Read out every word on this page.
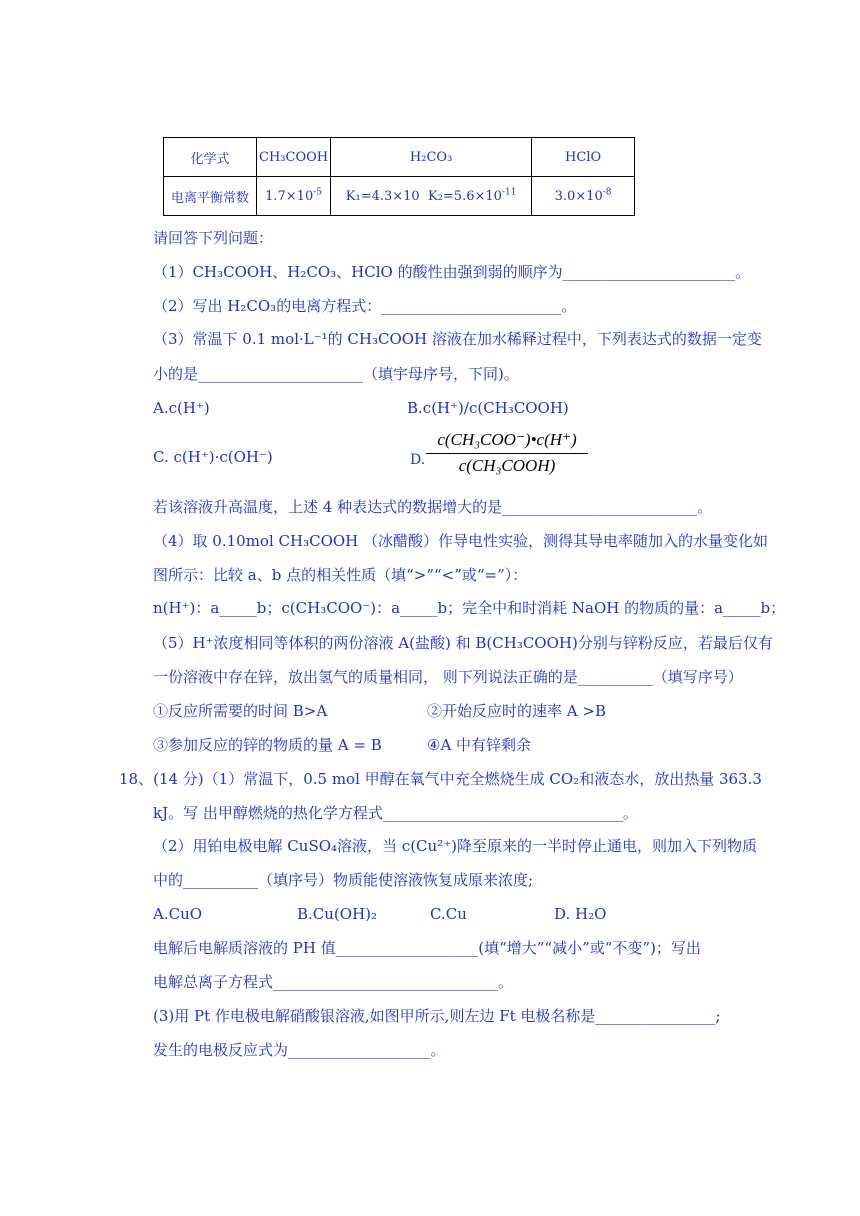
化学式	CH₃COOH	H₂CO₃	HClO
电离平衡常数	$1.7\times 10^{-5}$	K₁=4.3×10 $K_2=5.6\times 10^{-11}$	$3.0\times 10^{-8}$
请回答下列问题：
（1）CH₃COOH、H₂CO₃、HClO 的酸性由强到弱的顺序为_______________________。
（2）写出 H₂CO₃的电离方程式：________________________。
（3）常温下 0.1 mol·L⁻¹的 CH₃COOH 溶液在加水稀释过程中，下列表达式的数据一定变
小的是______________________（填宇母序号，下同)。
A.c(H⁺)	B.c(H⁺)/c(CH₃COOH)
C. c(H⁺)·c(OH⁻)	D.
c(CH₃COO⁻)•c(H⁺)
c(CH₃COOH)
若该溶液升高温度，上述 4 种表达式的数据增大的是__________________________。
（4）取 0.10mol CH₃COOH （冰醋酸）作导电性实验，测得其导电率随加入的水量变化如
图所示：比较 a、b 点的相关性质（填“>”“<”或“=”）：
n(H⁺)：a_____b；c(CH₃COO⁻)：a_____b；完全中和时消耗 NaOH 的物质的量：a_____b；
（5）H⁺浓度相同等体积的两份溶液 A(盐酸) 和 B(CH₃COOH)分别与锌粉反应，若最后仅有
一份溶液中存在锌，放出氢气的质量相同， 则下列说法正确的是__________（填写序号）
①反应所需要的时间 B>A	②开始反应时的速率 A >B
③参加反应的锌的物质的量 A = B	④A 中有锌剩余
18、(14 分)（1）常温下，0.5 mol 甲醇在氧气中充全燃烧生成 CO₂和液态水，放出热量 363.3
kJ。写 出甲醇燃烧的热化学方程式________________________________。
（2）用铂电极电解 CuSO₄溶液，当 c(Cu²⁺)降至原来的一半时停止通电，则加入下列物质
中的__________（填序号）物质能使溶液恢复成原来浓度;
A.CuO	B.Cu(OH)₂	C.Cu	D. H₂O
电解后电解质溶液的 PH 值___________________(填“增大”“减小”或“不变”)；写出
电解总离子方程式______________________________。
(3)用 Pt 作电极电解硝酸银溶液,如图甲所示,则左边 Ft 电极名称是________________;
发生的电极反应式为___________________。
